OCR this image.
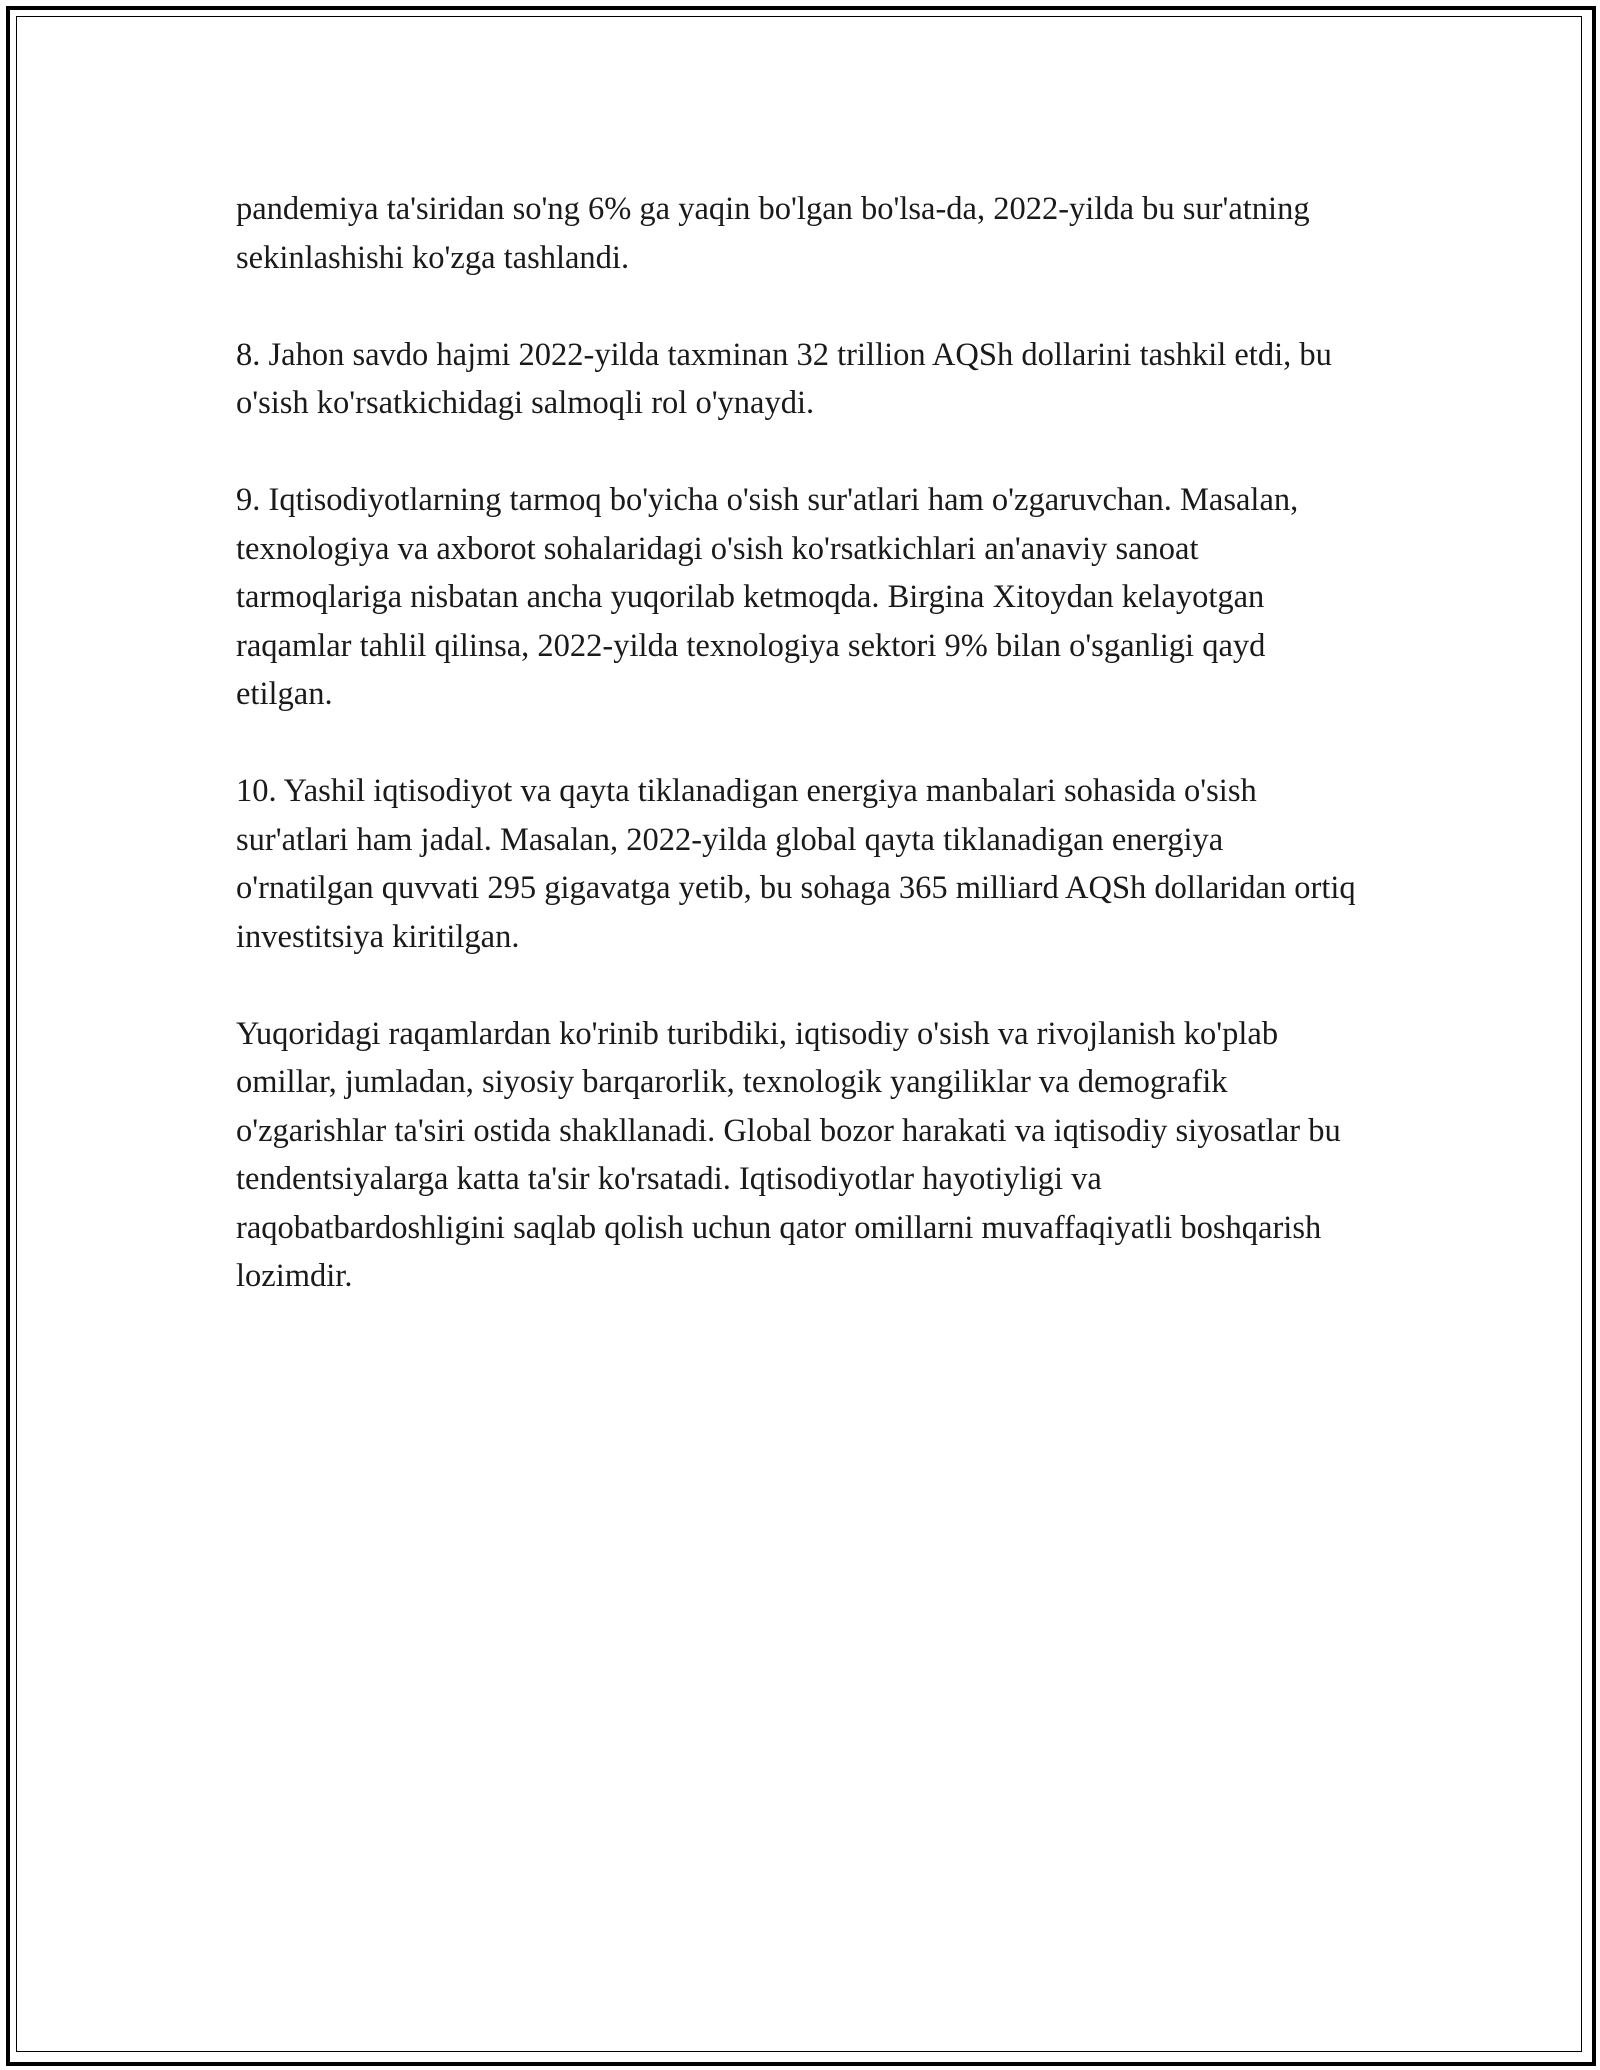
pandemiya ta'siridan so'ng 6% ga yaqin bo'lgan bo'lsa-da, 2022-yilda bu sur'atning sekinlashishi ko'zga tashlandi.

8. Jahon savdo hajmi 2022-yilda taxminan 32 trillion AQSh dollarini tashkil etdi, bu o'sish ko'rsatkichidagi salmoqli rol o'ynaydi.

9. Iqtisodiyotlarning tarmoq bo'yicha o'sish sur'atlari ham o'zgaruvchan. Masalan, texnologiya va axborot sohalaridagi o'sish ko'rsatkichlari an'anaviy sanoat tarmoqlariga nisbatan ancha yuqorilab ketmoqda. Birgina Xitoydan kelayotgan raqamlar tahlil qilinsa, 2022-yilda texnologiya sektori 9% bilan o'sganligi qayd etilgan.

10. Yashil iqtisodiyot va qayta tiklanadigan energiya manbalari sohasida o'sish sur'atlari ham jadal. Masalan, 2022-yilda global qayta tiklanadigan energiya o'rnatilgan quvvati 295 gigavatga yetib, bu sohaga 365 milliard AQSh dollaridan ortiq investitsiya kiritilgan.

Yuqoridagi raqamlardan ko'rinib turibdiki, iqtisodiy o'sish va rivojlanish ko'plab omillar, jumladan, siyosiy barqarorlik, texnologik yangiliklar va demografik o'zgarishlar ta'siri ostida shakllanadi. Global bozor harakati va iqtisodiy siyosatlar bu tendentsiyalarga katta ta'sir ko'rsatadi. Iqtisodiyotlar hayotiyligi va raqobatbardoshligini saqlab qolish uchun qator omillarni muvaffaqiyatli boshqarish lozimdir.
